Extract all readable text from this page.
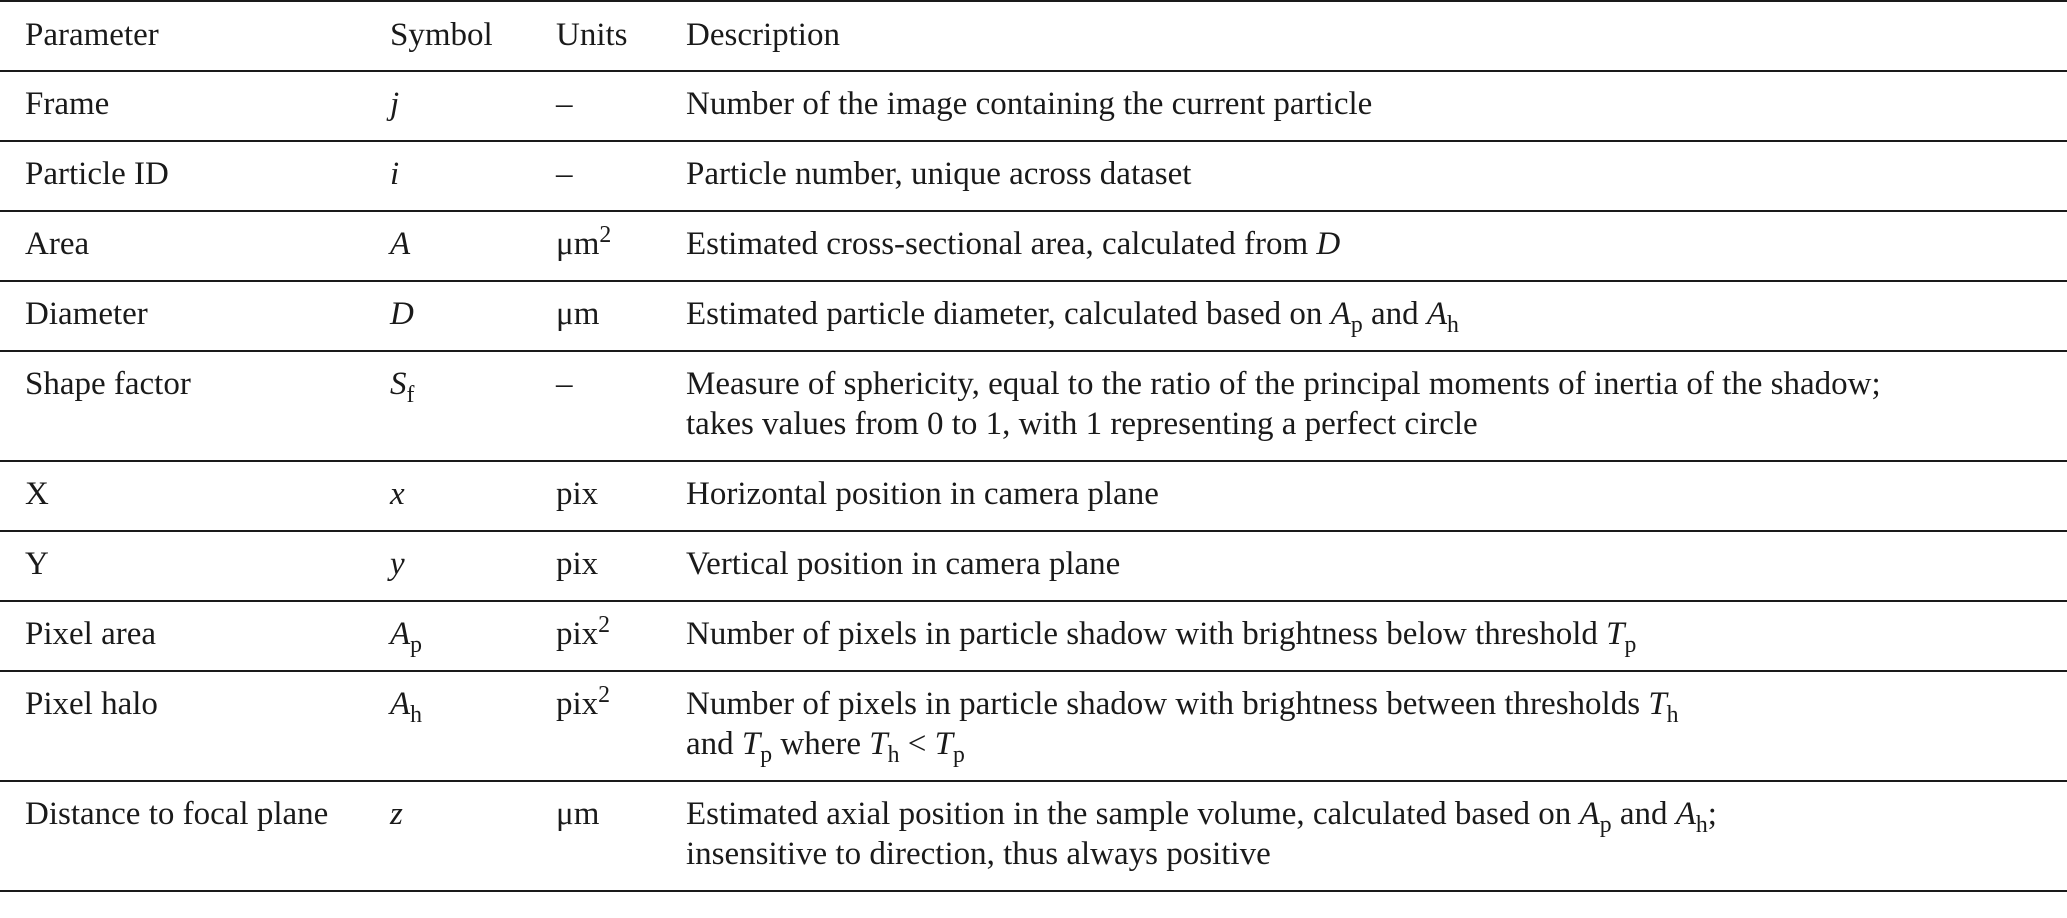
Parameter	Symbol	Units	Description
Frame	j	–	Number of the image containing the current particle
Particle ID	i	–	Particle number, unique across dataset
Area	A	$\mu m^2$	Estimated cross-sectional area, calculated from D
Diameter	D	μm	Estimated particle diameter, calculated based on $A_p$ and $A_h$
Shape factor	$S_f$	–	Measure of sphericity, equal to the ratio of the principal moments of inertia of the shadow;
takes values from 0 to 1, with 1 representing a perfect circle
X	x	pix	Horizontal position in camera plane
Y	y	pix	Vertical position in camera plane
Pixel area	$A_p$	pix$^2$	Number of pixels in particle shadow with brightness below threshold $T_p$
Pixel halo	$A_h$	pix$^2$	Number of pixels in particle shadow with brightness between thresholds $T_h$
and $T_p$ where $T_h < T_p$
Distance to focal plane	z	μm	Estimated axial position in the sample volume, calculated based on $A_p$ and $A_h$;
insensitive to direction, thus always positive
